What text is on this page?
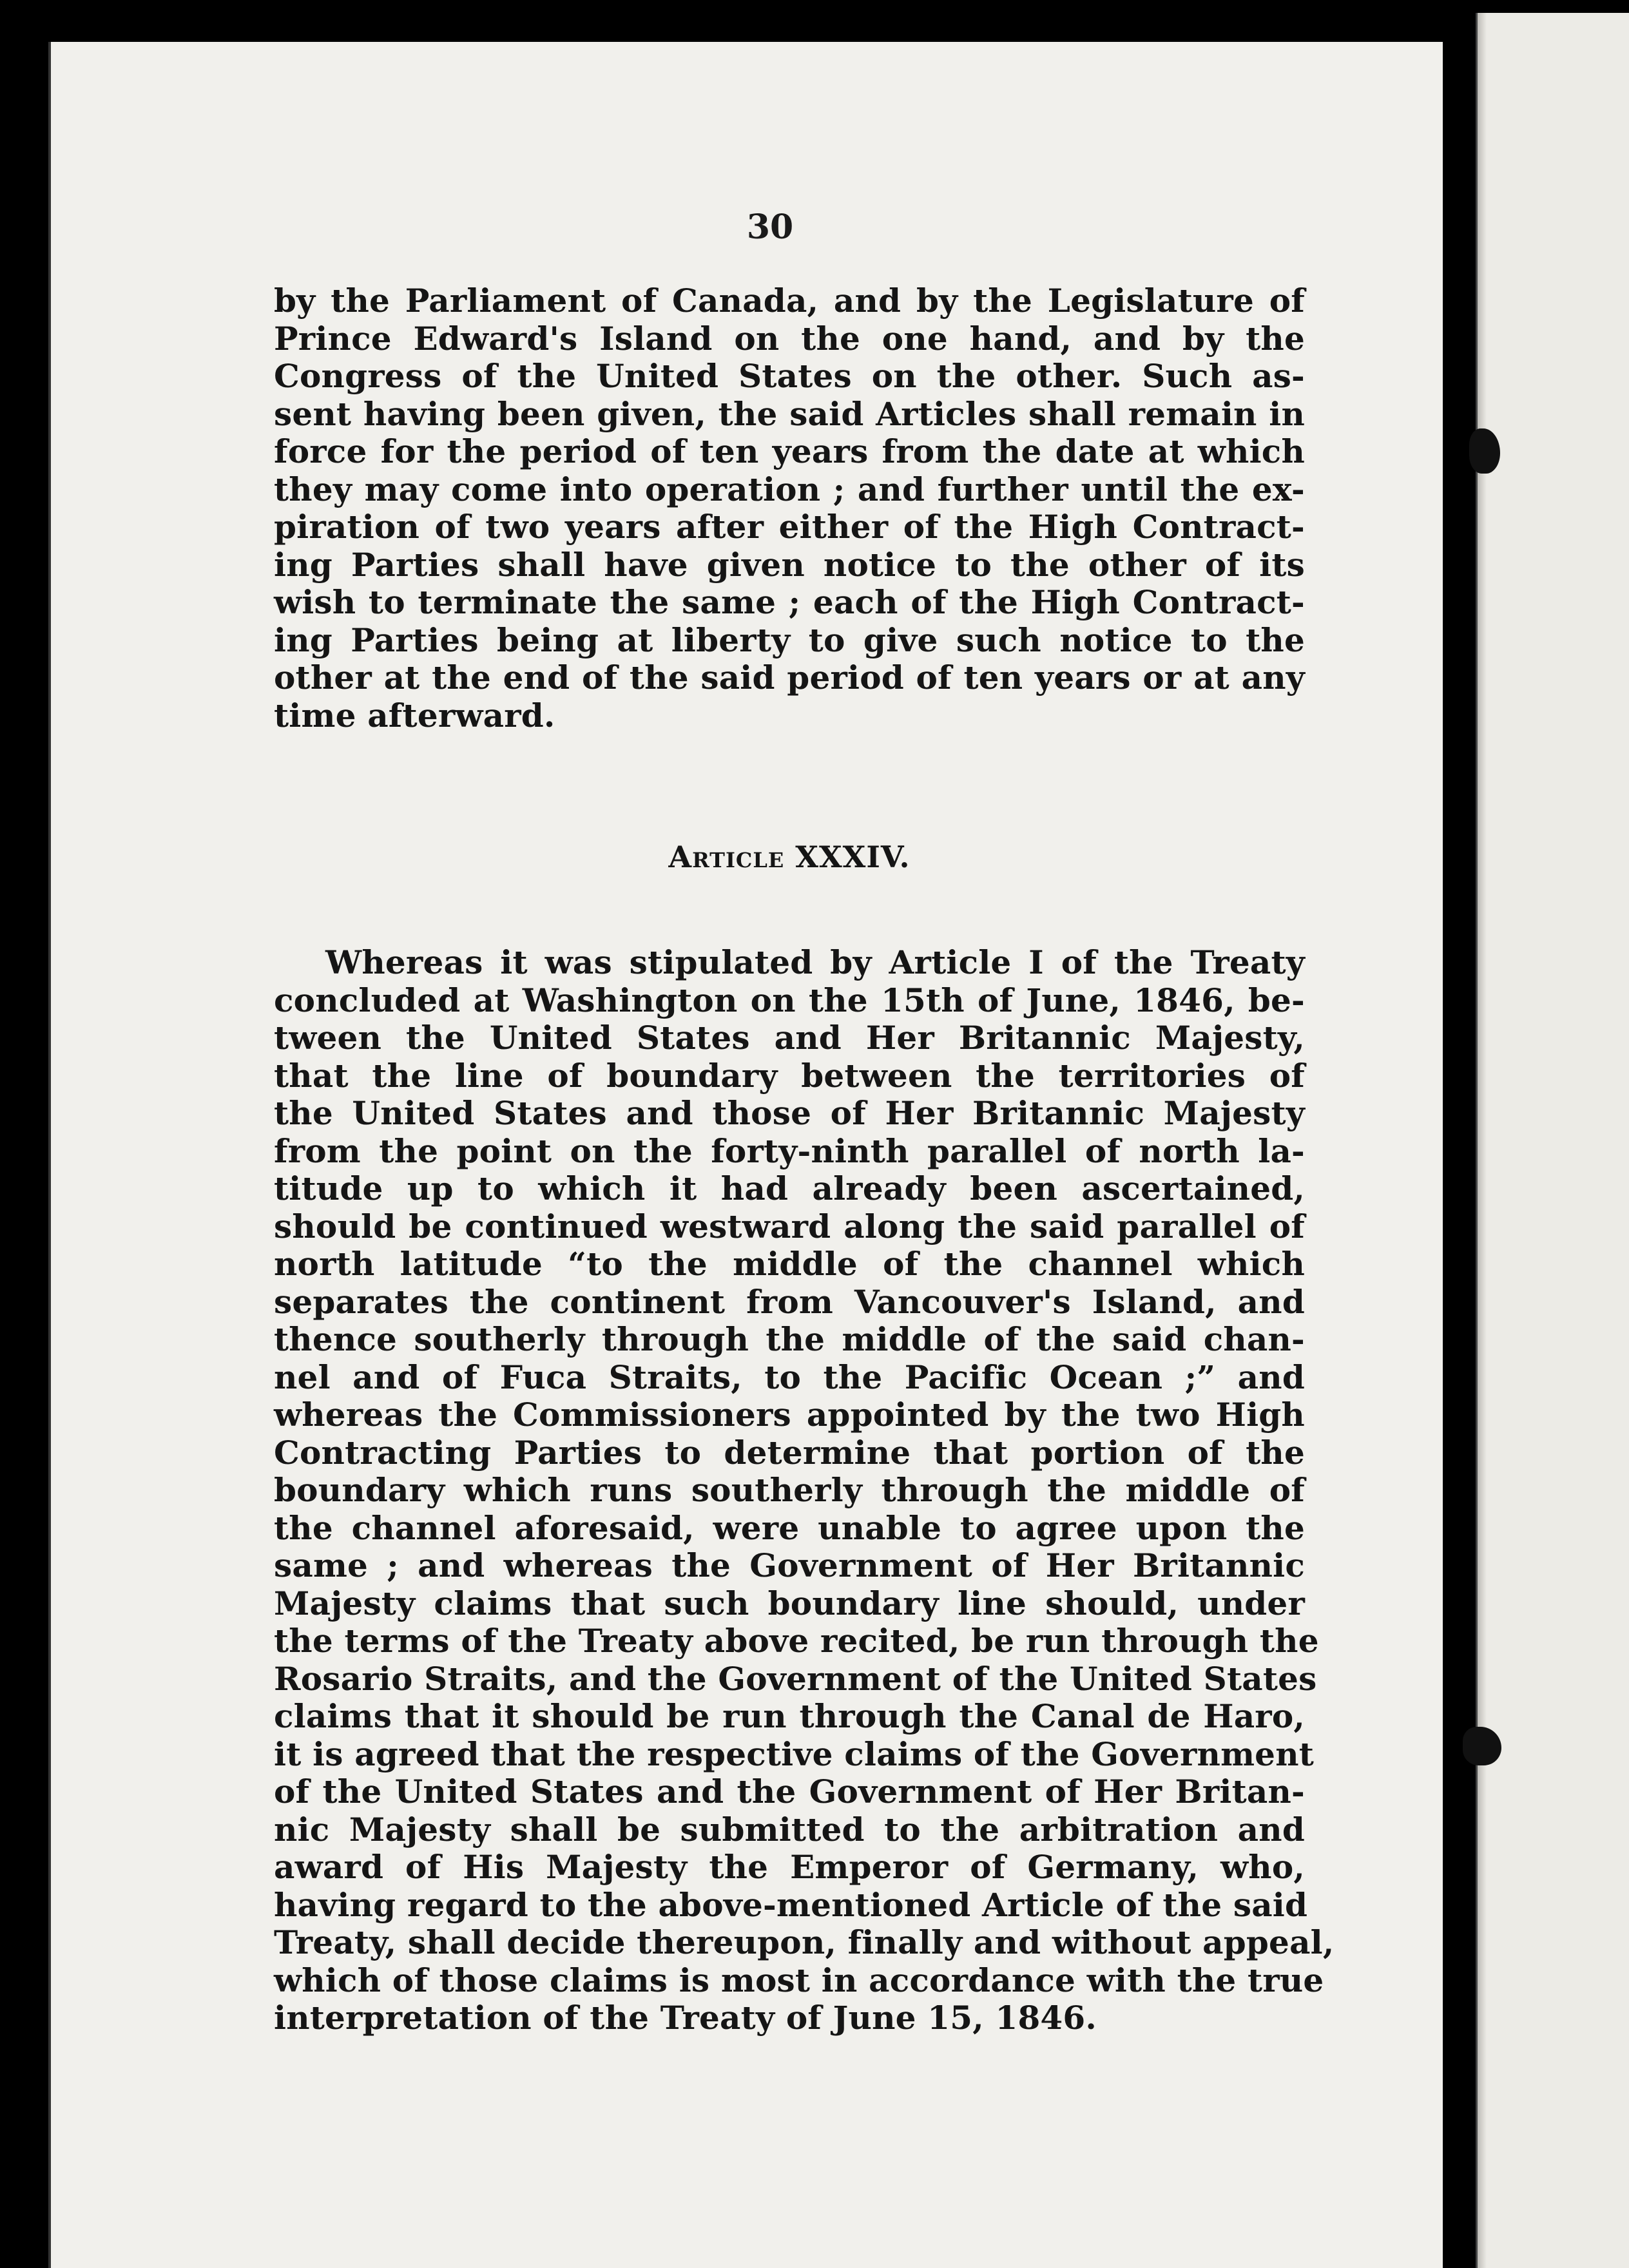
30
by the Parliament of Canada, and by the Legislature of
Prince Edward's Island on the one hand, and by the
Congress of the United States on the other. Such as-
sent having been given, the said Articles shall remain in
force for the period of ten years from the date at which
they may come into operation ; and further until the ex-
piration of two years after either of the High Contract-
ing Parties shall have given notice to the other of its
wish to terminate the same ; each of the High Contract-
ing Parties being at liberty to give such notice to the
other at the end of the said period of ten years or at any
time afterward.
Article XXXIV.
Whereas it was stipulated by Article I of the Treaty
concluded at Washington on the 15th of June, 1846, be-
tween the United States and Her Britannic Majesty,
that the line of boundary between the territories of
the United States and those of Her Britannic Majesty
from the point on the forty-ninth parallel of north la-
titude up to which it had already been ascertained,
should be continued westward along the said parallel of
north latitude “to the middle of the channel which
separates the continent from Vancouver's Island, and
thence southerly through the middle of the said chan-
nel and of Fuca Straits, to the Pacific Ocean ;” and
whereas the Commissioners appointed by the two High
Contracting Parties to determine that portion of the
boundary which runs southerly through the middle of
the channel aforesaid, were unable to agree upon the
same ; and whereas the Government of Her Britannic
Majesty claims that such boundary line should, under
the terms of the Treaty above recited, be run through the
Rosario Straits, and the Government of the United States
claims that it should be run through the Canal de Haro,
it is agreed that the respective claims of the Government
of the United States and the Government of Her Britan-
nic Majesty shall be submitted to the arbitration and
award of His Majesty the Emperor of Germany, who,
having regard to the above-mentioned Article of the said
Treaty, shall decide thereupon, finally and without appeal,
which of those claims is most in accordance with the true
interpretation of the Treaty of June 15, 1846.
